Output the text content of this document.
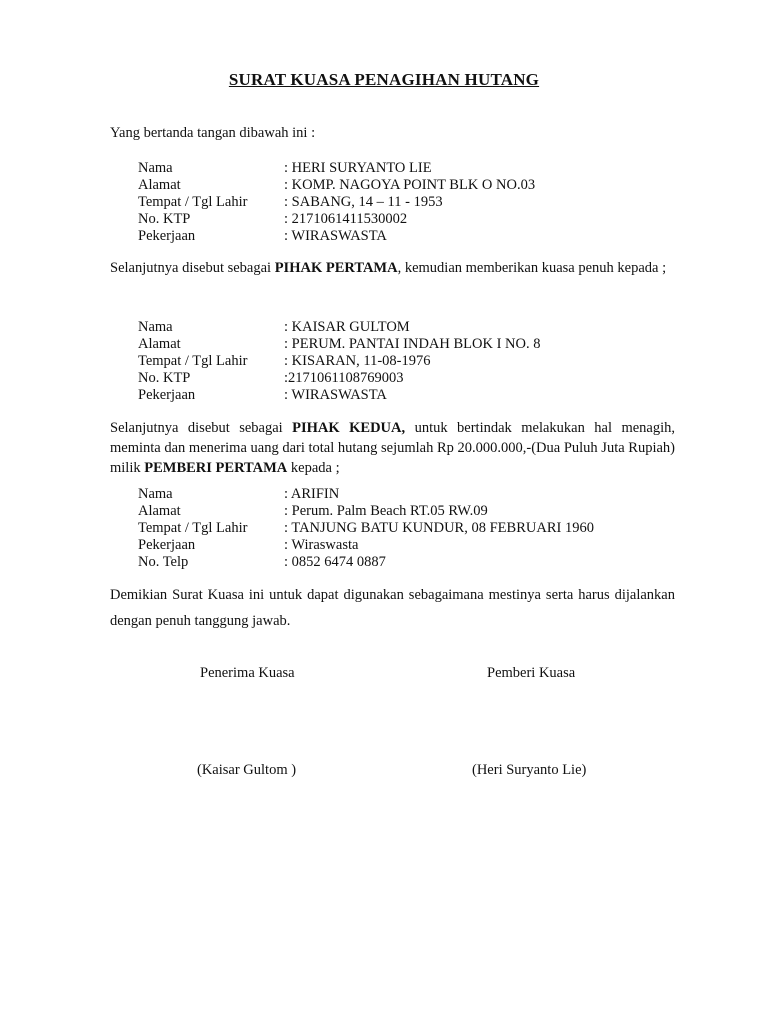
SURAT KUASA PENAGIHAN HUTANG
Yang bertanda tangan dibawah ini :
Nama	: HERI SURYANTO LIE
Alamat	: KOMP. NAGOYA POINT BLK O NO.03
Tempat / Tgl Lahir	: SABANG, 14 – 11 - 1953
No. KTP	: 2171061411530002
Pekerjaan	: WIRASWASTA
Selanjutnya disebut sebagai PIHAK PERTAMA, kemudian memberikan kuasa penuh kepada ;
Nama	: KAISAR GULTOM
Alamat	: PERUM. PANTAI INDAH BLOK I NO. 8
Tempat / Tgl Lahir	: KISARAN, 11-08-1976
No. KTP	:2171061108769003
Pekerjaan	: WIRASWASTA
Selanjutnya disebut sebagai PIHAK KEDUA, untuk bertindak melakukan hal menagih, meminta dan menerima uang dari total hutang sejumlah Rp 20.000.000,-(Dua Puluh Juta Rupiah) milik PEMBERI PERTAMA kepada ;
Nama	: ARIFIN
Alamat	: Perum. Palm Beach RT.05 RW.09
Tempat / Tgl Lahir	: TANJUNG BATU KUNDUR, 08 FEBRUARI 1960
Pekerjaan	: Wiraswasta
No. Telp	: 0852 6474 0887
Demikian Surat Kuasa ini untuk dapat digunakan sebagaimana mestinya serta harus dijalankan dengan penuh tanggung jawab.
Penerima Kuasa	Pemberi Kuasa
(Kaisar Gultom )	(Heri Suryanto Lie)
